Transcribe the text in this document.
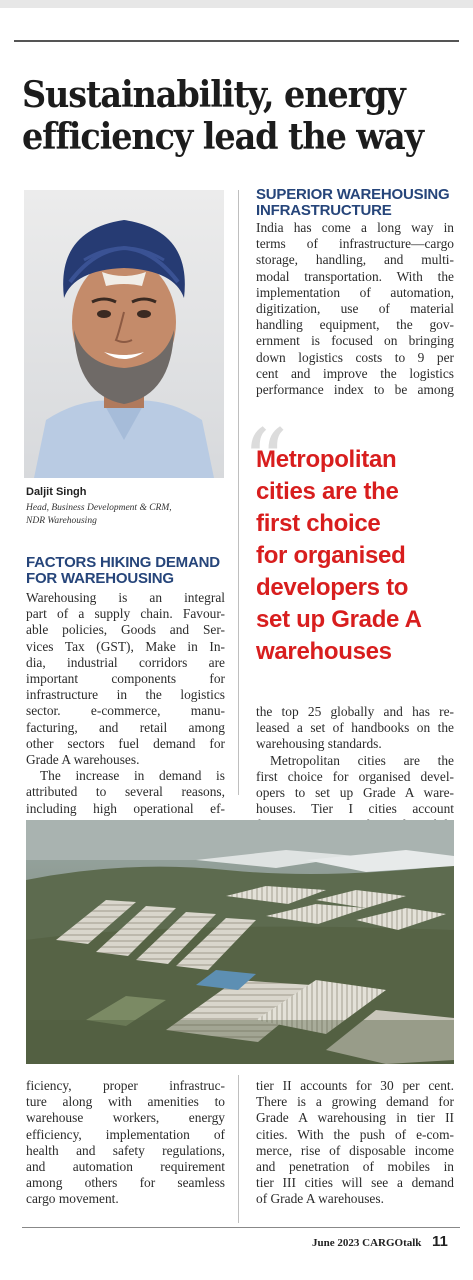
Sustainability, energy efficiency lead the way
Daljit Singh
Head, Business Development & CRM,
NDR Warehousing
SUPERIOR WAREHOUSING
INFRASTRUCTURE
India has come a long way in
terms of infrastructure—cargo
storage, handling, and multi-
modal transportation. With the
implementation of automation,
digitization, use of material
handling equipment, the gov-
ernment is focused on bringing
down logistics costs to 9 per
cent and improve the logistics
performance index to be among
“
Metropolitan
cities are the
first choice
for organised
developers to
set up Grade A
warehouses
FACTORS HIKING DEMAND
FOR WAREHOUSING
Warehousing is an integral
part of a supply chain. Favour-
able policies, Goods and Ser-
vices Tax (GST), Make in In-
dia, industrial corridors are
important components for
infrastructure in the logistics
sector. e-commerce, manu-
facturing, and retail among
other sectors fuel demand for
Grade A warehouses.
The increase in demand is
attributed to several reasons,
including high operational ef-
the top 25 globally and has re-
leased a set of handbooks on the
warehousing standards.
Metropolitan cities are the
first choice for organised devel-
opers to set up Grade A ware-
houses. Tier I cities account
ficiency, proper infrastruc-
ture along with amenities to
warehouse workers, energy
efficiency, implementation of
health and safety regulations,
and automation requirement
among others for seamless
cargo movement.
tier II accounts for 30 per cent.
There is a growing demand for
Grade A warehousing in tier II
cities. With the push of e-com-
merce, rise of disposable income
and penetration of mobiles in
tier III cities will see a demand
of Grade A warehouses.
June 2023 CARGOtalk 11
